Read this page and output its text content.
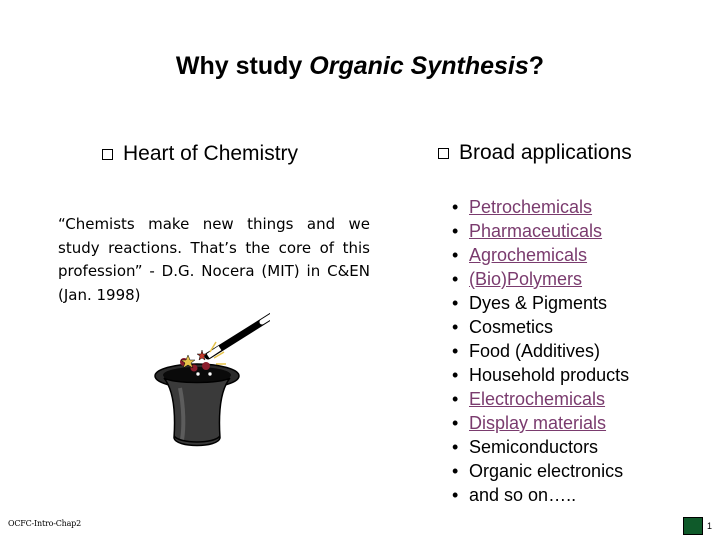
Why study Organic Synthesis?
Heart of Chemistry
“Chemists make new things and we study reactions. That’s the core of this profession” - D.G. Nocera (MIT) in C&EN (Jan. 1998)
Broad applications
• Petrochemicals
• Pharmaceuticals
• Agrochemicals
• (Bio)Polymers
• Dyes & Pigments
• Cosmetics
• Food (Additives)
• Household products
• Electrochemicals
• Display materials
• Semiconductors
• Organic electronics
• and so on…..
OCFC-Intro-Chap2	1
